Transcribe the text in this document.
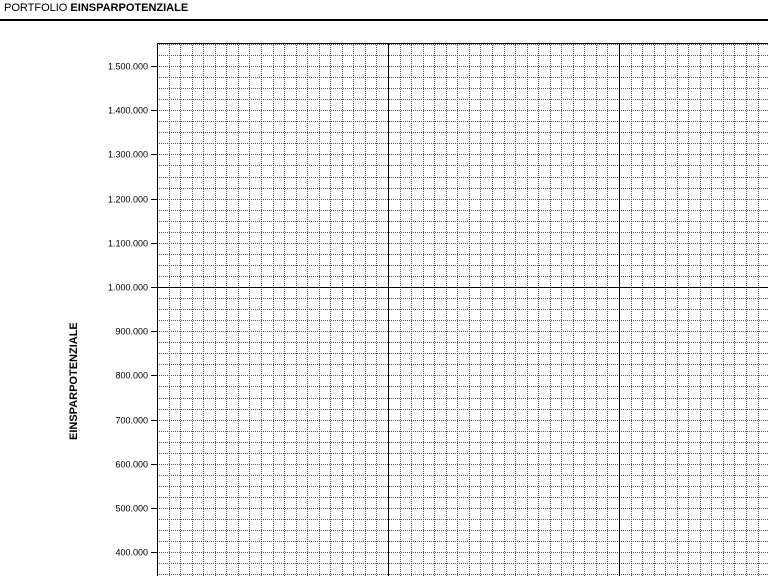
PORTFOLIO EINSPARPOTENZIALE
EINSPARPOTENZIALE
1.500.000
1.400.000
1.300.000
1.200.000
1.100.000
1.000.000
900.000
800.000
700.000
600.000
500.000
400.000
